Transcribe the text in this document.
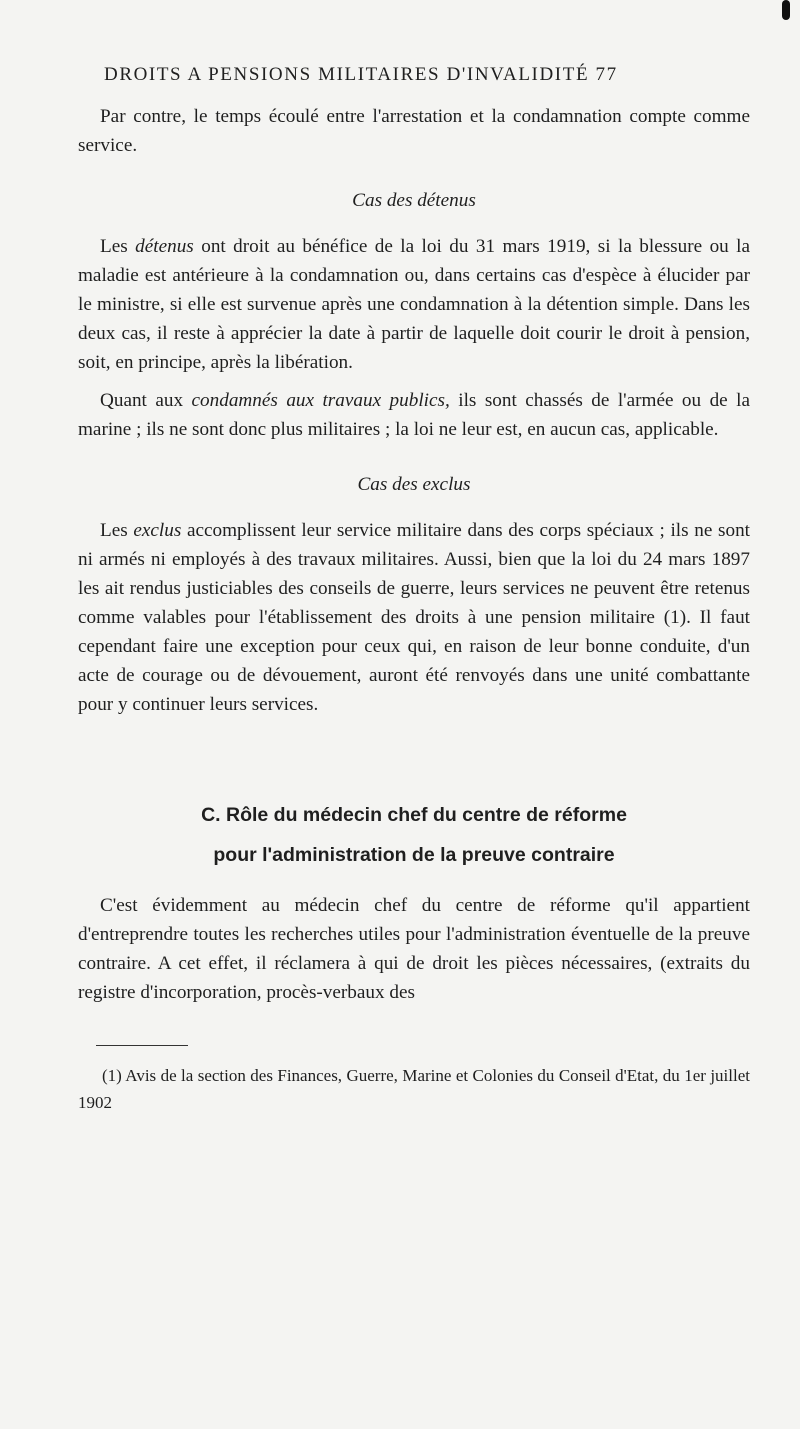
DROITS A PENSIONS MILITAIRES D'INVALIDITÉ 77

Par contre, le temps écoulé entre l'arrestation et la condamnation compte comme service.

Cas des détenus

Les détenus ont droit au bénéfice de la loi du 31 mars 1919, si la blessure ou la maladie est antérieure à la condamnation ou, dans certains cas d'espèce à élucider par le ministre, si elle est survenue après une condamnation à la détention simple. Dans les deux cas, il reste à apprécier la date à partir de laquelle doit courir le droit à pension, soit, en principe, après la libération.

Quant aux condamnés aux travaux publics, ils sont chassés de l'armée ou de la marine ; ils ne sont donc plus militaires ; la loi ne leur est, en aucun cas, applicable.

Cas des exclus

Les exclus accomplissent leur service militaire dans des corps spéciaux ; ils ne sont ni armés ni employés à des travaux militaires. Aussi, bien que la loi du 24 mars 1897 les ait rendus justiciables des conseils de guerre, leurs services ne peuvent être retenus comme valables pour l'établissement des droits à une pension militaire (1). Il faut cependant faire une exception pour ceux qui, en raison de leur bonne conduite, d'un acte de courage ou de dévouement, auront été renvoyés dans une unité combattante pour y continuer leurs services.

C. Rôle du médecin chef du centre de réforme
pour l'administration de la preuve contraire

C'est évidemment au médecin chef du centre de réforme qu'il appartient d'entreprendre toutes les recherches utiles pour l'administration éventuelle de la preuve contraire. A cet effet, il réclamera à qui de droit les pièces nécessaires, (extraits du registre d'incorporation, procès-verbaux des

(1) Avis de la section des Finances, Guerre, Marine et Colonies du Conseil d'Etat, du 1er juillet 1902
